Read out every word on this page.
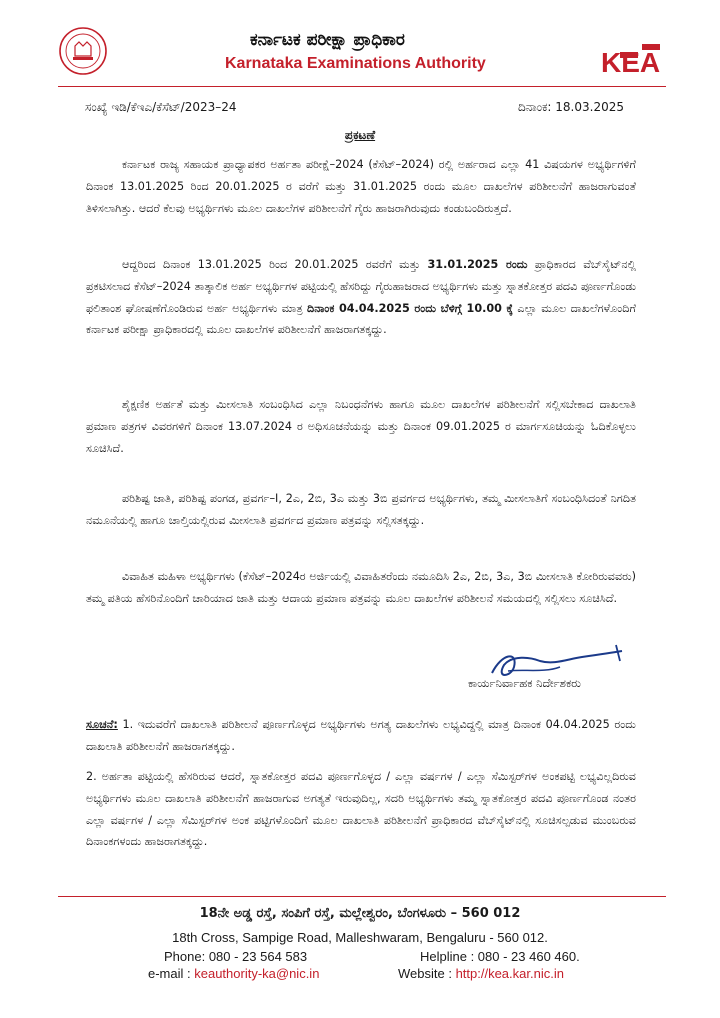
ಕರ್ನಾಟಕ ಪರೀಕ್ಷಾ ಪ್ರಾಧಿಕಾರ
Karnataka Examinations Authority	KEA
ಸಂಖ್ಯೆ ಇಡಿ/ಕೆಇಎ/ಕೆಸೆಟ್/2023–24	ದಿನಾಂಕ: 18.03.2025
ಪ್ರಕಟಣೆ

ಕರ್ನಾಟಕ ರಾಜ್ಯ ಸಹಾಯಕ ಪ್ರಾಧ್ಯಾಪಕರ ಅರ್ಹತಾ ಪರೀಕ್ಷೆ–2024 (ಕೆಸೆಟ್–2024) ರಲ್ಲಿ ಅರ್ಹರಾದ ಎಲ್ಲಾ 41 ವಿಷಯಗಳ ಅಭ್ಯರ್ಥಿಗಳಿಗೆ ದಿನಾಂಕ 13.01.2025 ರಿಂದ 20.01.2025 ರ ವರೆಗೆ ಮತ್ತು 31.01.2025 ರಂದು ಮೂಲ ದಾಖಲೆಗಳ ಪರಿಶೀಲನೆಗೆ ಹಾಜರಾಗುವಂತೆ ತಿಳಿಸಲಾಗಿತ್ತು. ಆದರೆ ಕೆಲವು ಅಭ್ಯರ್ಥಿಗಳು ಮೂಲ ದಾಖಲೆಗಳ ಪರಿಶೀಲನೆಗೆ ಗೈರು ಹಾಜರಾಗಿರುವುದು ಕಂಡುಬಂದಿರುತ್ತದೆ.

ಆದ್ದರಿಂದ ದಿನಾಂಕ 13.01.2025 ರಿಂದ 20.01.2025 ರವರೆಗೆ ಮತ್ತು 31.01.2025 ರಂದು ಪ್ರಾಧಿಕಾರದ ವೆಬ್‌ಸೈಟ್‌ನಲ್ಲಿ ಪ್ರಕಟಿಸಲಾದ ಕೆಸೆಟ್–2024 ತಾತ್ಕಾಲಿಕ ಅರ್ಹ ಅಭ್ಯರ್ಥಿಗಳ ಪಟ್ಟಿಯಲ್ಲಿ ಹೆಸರಿದ್ದು ಗೈರುಹಾಜರಾದ ಅಭ್ಯರ್ಥಿಗಳು ಮತ್ತು ಸ್ನಾತಕೋತ್ತರ ಪದವಿ ಪೂರ್ಣಗೊಂಡು ಫಲಿತಾಂಶ ಘೋಷಣೆಗೊಂಡಿರುವ ಅರ್ಹ ಅಭ್ಯರ್ಥಿಗಳು ಮಾತ್ರ ದಿನಾಂಕ 04.04.2025 ರಂದು ಬೆಳಿಗ್ಗೆ 10.00 ಕ್ಕೆ ಎಲ್ಲಾ ಮೂಲ ದಾಖಲೆಗಳೊಂದಿಗೆ ಕರ್ನಾಟಕ ಪರೀಕ್ಷಾ ಪ್ರಾಧಿಕಾರದಲ್ಲಿ ಮೂಲ ದಾಖಲೆಗಳ ಪರಿಶೀಲನೆಗೆ ಹಾಜರಾಗತಕ್ಕದ್ದು.

ಶೈಕ್ಷಣಿಕ ಅರ್ಹತೆ ಮತ್ತು ಮೀಸಲಾತಿ ಸಂಬಂಧಿಸಿದ ಎಲ್ಲಾ ನಿಬಂಧನೆಗಳು ಹಾಗೂ ಮೂಲ ದಾಖಲೆಗಳ ಪರಿಶೀಲನೆಗೆ ಸಲ್ಲಿಸಬೇಕಾದ ದಾಖಲಾತಿ ಪ್ರಮಾಣ ಪತ್ರಗಳ ವಿವರಗಳಿಗೆ ದಿನಾಂಕ 13.07.2024 ರ ಅಧಿಸೂಚನೆಯನ್ನು ಮತ್ತು ದಿನಾಂಕ 09.01.2025 ರ ಮಾರ್ಗಸೂಚಿಯನ್ನು ಓದಿಕೊಳ್ಳಲು ಸೂಚಿಸಿದೆ.

ಪರಿಶಿಷ್ಟ ಜಾತಿ, ಪರಿಶಿಷ್ಟ ಪಂಗಡ, ಪ್ರವರ್ಗ–I, 2ಎ, 2ಬಿ, 3ಎ ಮತ್ತು 3ಬಿ ಪ್ರವರ್ಗದ ಅಭ್ಯರ್ಥಿಗಳು, ತಮ್ಮ ಮೀಸಲಾತಿಗೆ ಸಂಬಂಧಿಸಿದಂತೆ ನಿಗದಿತ ನಮೂನೆಯಲ್ಲಿ ಹಾಗೂ ಚಾಲ್ತಿಯಲ್ಲಿರುವ ಮೀಸಲಾತಿ ಪ್ರವರ್ಗದ ಪ್ರಮಾಣ ಪತ್ರವನ್ನು ಸಲ್ಲಿಸತಕ್ಕದ್ದು.

ವಿವಾಹಿತ ಮಹಿಳಾ ಅಭ್ಯರ್ಥಿಗಳು (ಕೆಸೆಟ್–2024ರ ಅರ್ಜಿಯಲ್ಲಿ ವಿವಾಹಿತರೆಂದು ನಮೂದಿಸಿ 2ಎ, 2ಬಿ, 3ಎ, 3ಬಿ ಮೀಸಲಾತಿ ಕೋರಿರುವವರು) ತಮ್ಮ ಪತಿಯ ಹೆಸರಿನೊಂದಿಗೆ ಚಾರಿಯಾದ ಜಾತಿ ಮತ್ತು ಆದಾಯ ಪ್ರಮಾಣ ಪತ್ರವನ್ನು ಮೂಲ ದಾಖಲೆಗಳ ಪರಿಶೀಲನೆ ಸಮಯದಲ್ಲಿ ಸಲ್ಲಿಸಲು ಸೂಚಿಸಿದೆ.

ಕಾರ್ಯನಿರ್ವಾಹಕ ನಿರ್ದೇಶಕರು

ಸೂಚನೆ: 1. ಇದುವರೆಗೆ ದಾಖಲಾತಿ ಪರಿಶೀಲನೆ ಪೂರ್ಣಗೊಳ್ಳದ ಅಭ್ಯರ್ಥಿಗಳು ಅಗತ್ಯ ದಾಖಲೆಗಳು ಲಭ್ಯವಿದ್ದಲ್ಲಿ ಮಾತ್ರ ದಿನಾಂಕ 04.04.2025 ರಂದು ದಾಖಲಾತಿ ಪರಿಶೀಲನೆಗೆ ಹಾಜರಾಗತಕ್ಕದ್ದು.

2. ಅರ್ಹತಾ ಪಟ್ಟಿಯಲ್ಲಿ ಹೆಸರಿರುವ ಆದರೆ, ಸ್ನಾತಕೋತ್ತರ ಪದವಿ ಪೂರ್ಣಗೊಳ್ಳದ / ಎಲ್ಲಾ ವರ್ಷಗಳ / ಎಲ್ಲಾ ಸೆಮಿಸ್ಟರ್‌ಗಳ ಅಂಕಪಟ್ಟಿ ಲಭ್ಯವಿಲ್ಲದಿರುವ ಅಭ್ಯರ್ಥಿಗಳು ಮೂಲ ದಾಖಲಾತಿ ಪರಿಶೀಲನೆಗೆ ಹಾಜರಾಗುವ ಅಗತ್ಯತೆ ಇರುವುದಿಲ್ಲ, ಸದರಿ ಅಭ್ಯರ್ಥಿಗಳು ತಮ್ಮ ಸ್ನಾತಕೋತ್ತರ ಪದವಿ ಪೂರ್ಣಗೊಂಡ ನಂತರ ಎಲ್ಲಾ ವರ್ಷಗಳ / ಎಲ್ಲಾ ಸೆಮಿಸ್ಟರ್‌ಗಳ ಅಂಕ ಪಟ್ಟಿಗಳೊಂದಿಗೆ ಮೂಲ ದಾಖಲಾತಿ ಪರಿಶೀಲನೆಗೆ ಪ್ರಾಧಿಕಾರದ ವೆಬ್‌ಸೈಟ್‌ನಲ್ಲಿ ಸೂಚಿಸಲ್ಪಡುವ ಮುಂಬರುವ ದಿನಾಂಕಗಳಂದು ಹಾಜರಾಗತಕ್ಕದ್ದು.

18ನೇ ಅಡ್ಡ ರಸ್ತೆ, ಸಂಪಿಗೆ ರಸ್ತೆ, ಮಲ್ಲೇಶ್ವರಂ, ಬೆಂಗಳೂರು – 560 012
18th Cross, Sampige Road, Malleshwaram, Bengaluru - 560 012.
Phone: 080 - 23 564 583	Helpline : 080 - 23 460 460.
e-mail : keauthority-ka@nic.in	Website : http://kea.kar.nic.in
